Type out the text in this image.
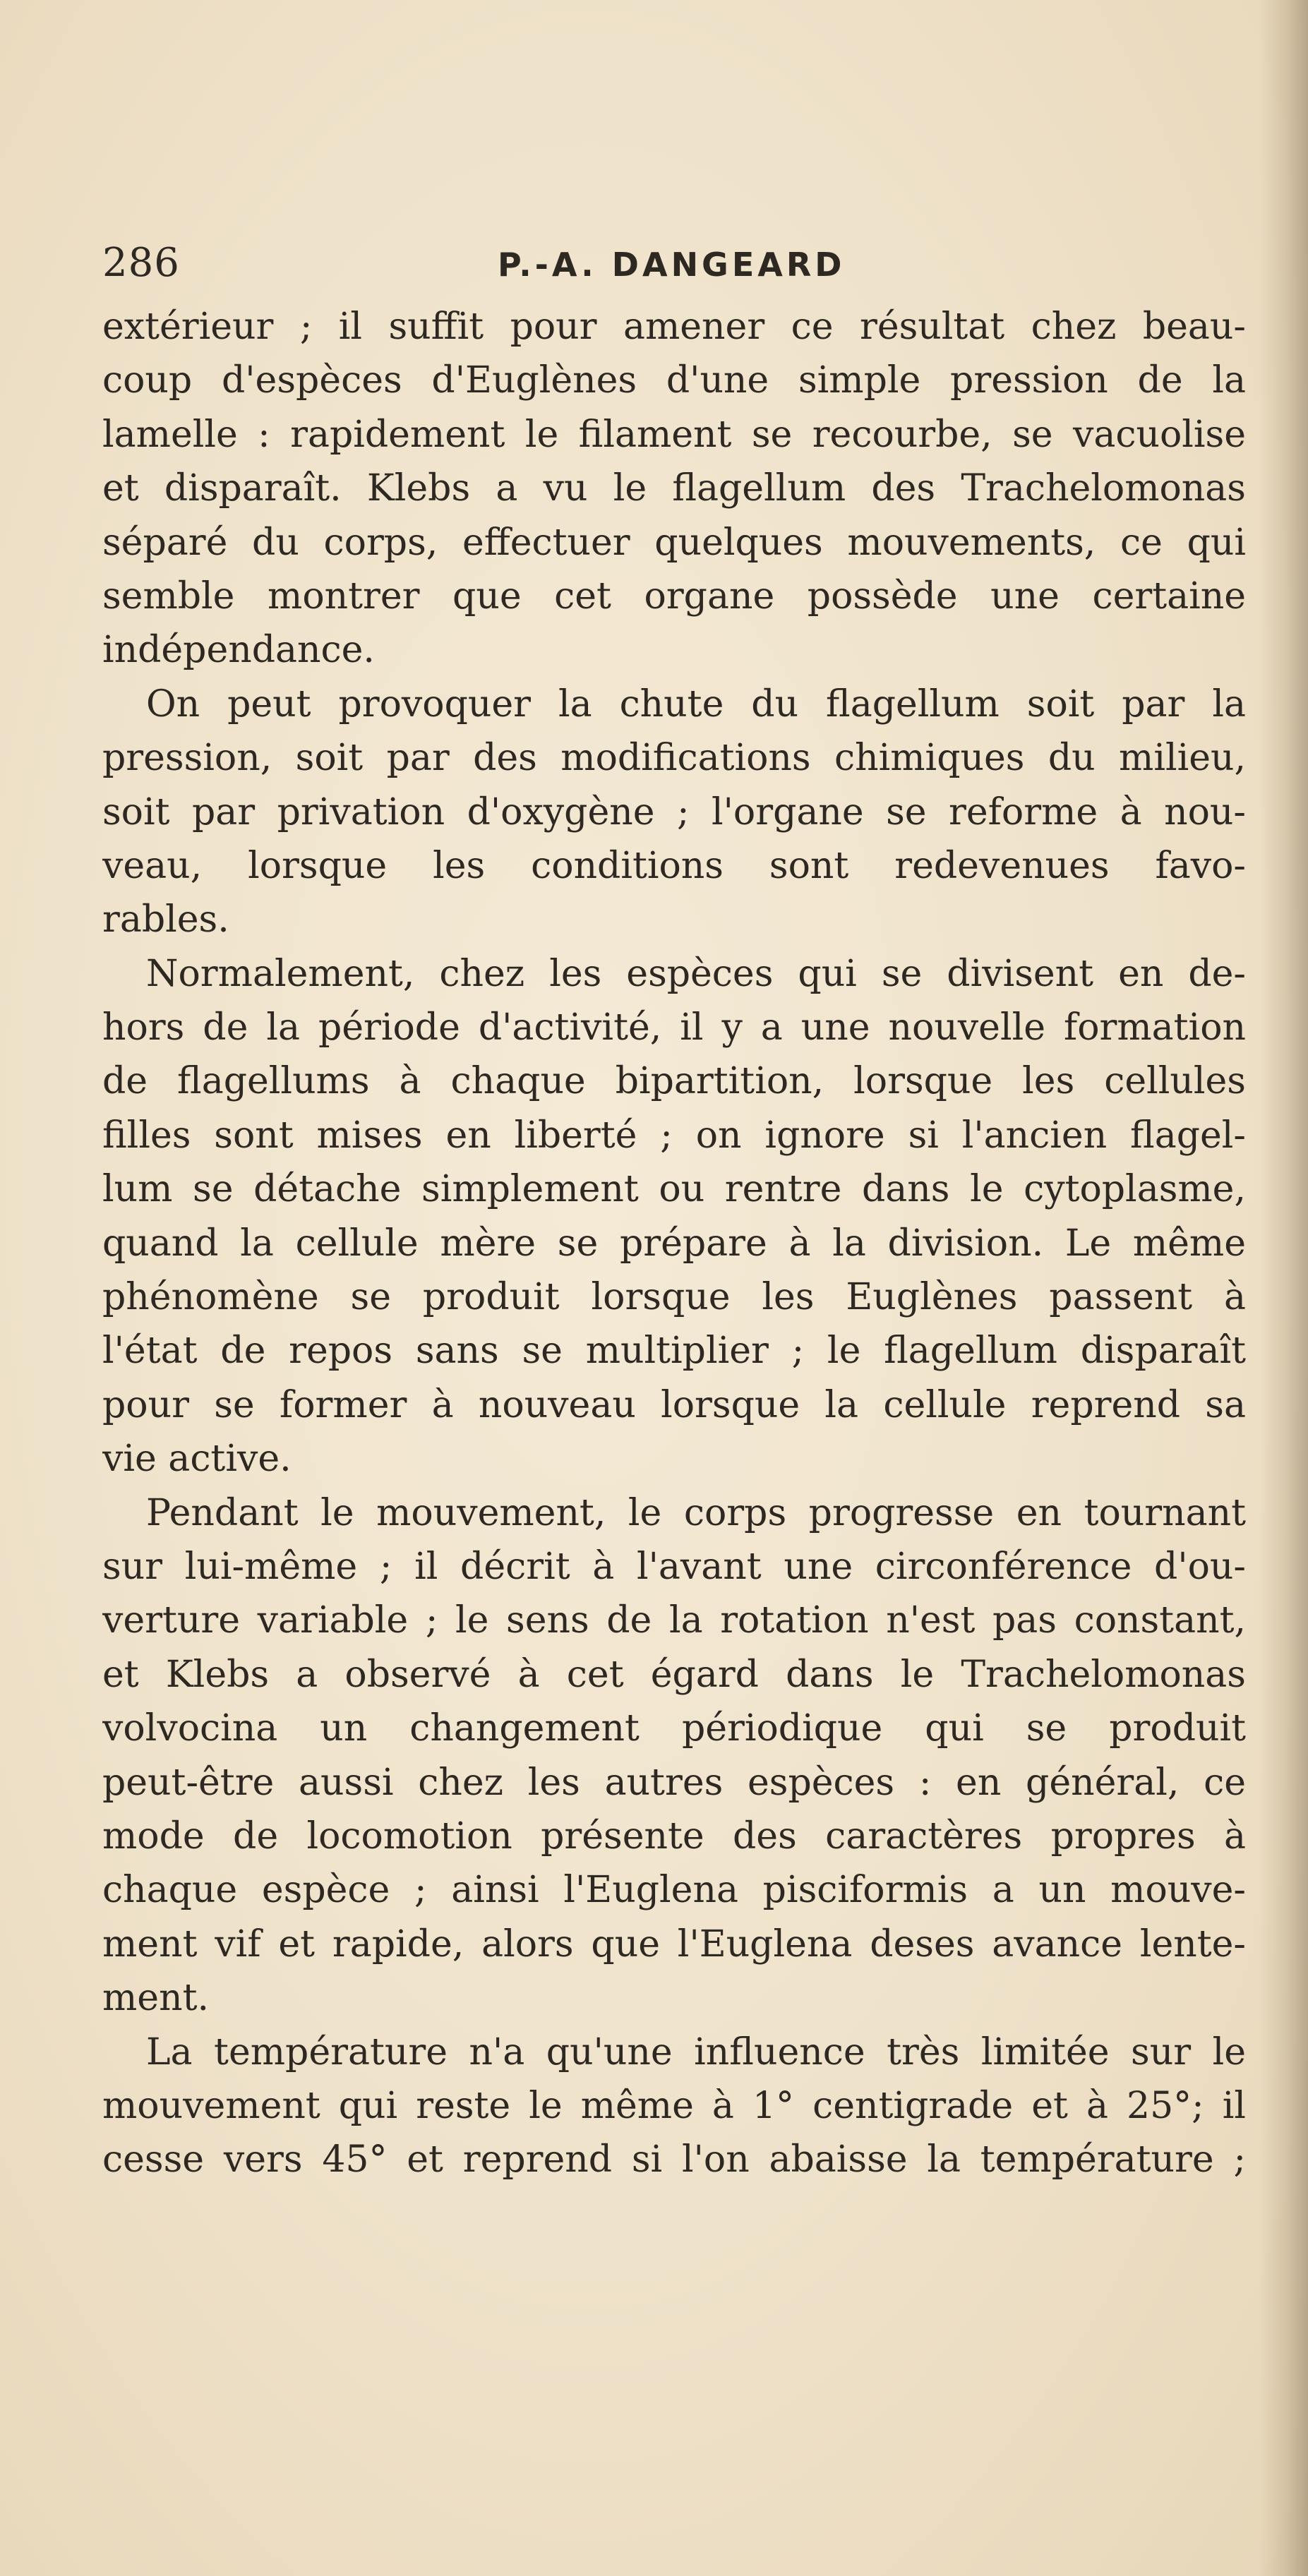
286	P.-A. DANGEARD
extérieur ; il suffit pour amener ce résultat chez beau-
coup d'espèces d'Euglènes d'une simple pression de la
lamelle : rapidement le filament se recourbe, se vacuolise
et disparaît. Klebs a vu le flagellum des Trachelomonas
séparé du corps, effectuer quelques mouvements, ce qui
semble montrer que cet organe possède une certaine
indépendance.
On peut provoquer la chute du flagellum soit par la
pression, soit par des modifications chimiques du milieu,
soit par privation d'oxygène ; l'organe se reforme à nou-
veau, lorsque les conditions sont redevenues favo-
rables.
Normalement, chez les espèces qui se divisent en de-
hors de la période d'activité, il y a une nouvelle formation
de flagellums à chaque bipartition, lorsque les cellules
filles sont mises en liberté ; on ignore si l'ancien flagel-
lum se détache simplement ou rentre dans le cytoplasme,
quand la cellule mère se prépare à la division. Le même
phénomène se produit lorsque les Euglènes passent à
l'état de repos sans se multiplier ; le flagellum disparaît
pour se former à nouveau lorsque la cellule reprend sa
vie active.
Pendant le mouvement, le corps progresse en tournant
sur lui-même ; il décrit à l'avant une circonférence d'ou-
verture variable ; le sens de la rotation n'est pas constant,
et Klebs a observé à cet égard dans le Trachelomonas
volvocina un changement périodique qui se produit
peut-être aussi chez les autres espèces : en général, ce
mode de locomotion présente des caractères propres à
chaque espèce ; ainsi l'Euglena pisciformis a un mouve-
ment vif et rapide, alors que l'Euglena deses avance lente-
ment.
La température n'a qu'une influence très limitée sur le
mouvement qui reste le même à 1° centigrade et à 25°; il
cesse vers 45° et reprend si l'on abaisse la température ;
